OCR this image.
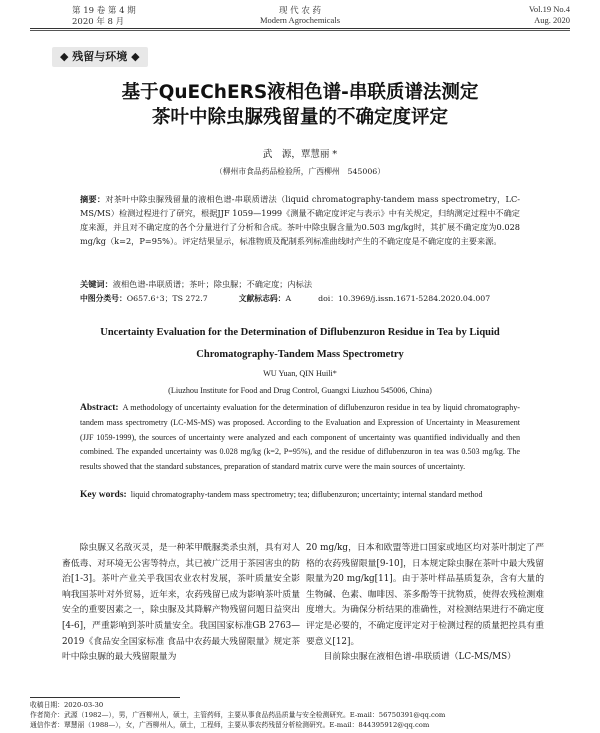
第 19 卷 第 4 期
2020 年 8 月
现 代 农 药
Modern Agrochemicals
Vol.19 No.4
Aug. 2020
◆ 残留与环境 ◆
基于QuEChERS液相色谱-串联质谱法测定
茶叶中除虫脲残留量的不确定度评定
武　源，覃慧丽 *
（柳州市食品药品检验所，广西柳州　545006）
摘要：对茶叶中除虫脲残留量的液相色谱-串联质谱法（liquid chromatography-tandem mass spectrometry，LC-MS/MS）检测过程进行了研究，根据JJF 1059—1999《测量不确定度评定与表示》中有关规定，归纳测定过程中不确定度来源，并且对不确定度的各个分量进行了分析和合成。茶叶中除虫脲含量为0.503 mg/kg时，其扩展不确定度为0.028 mg/kg（k=2，P=95%）。评定结果显示，标准物质及配制系列标准曲线时产生的不确定度是不确定度的主要来源。
关键词：液相色谱-串联质谱；茶叶；除虫脲；不确定度；内标法
中图分类号：O657.6⁺3；TS 272.7	文献标志码：A	doi：10.3969/j.issn.1671-5284.2020.04.007
Uncertainty Evaluation for the Determination of Diflubenzuron Residue in Tea by Liquid
Chromatography-Tandem Mass Spectrometry
WU Yuan, QIN Huili*
(Liuzhou Institute for Food and Drug Control, Guangxi Liuzhou 545006, China)
Abstract: A methodology of uncertainty evaluation for the determination of diflubenzuron residue in tea by liquid chromatography-tandem mass spectrometry (LC-MS-MS) was proposed. According to the Evaluation and Expression of Uncertainty in Measurement (JJF 1059-1999), the sources of uncertainty were analyzed and each component of uncertainty was quantified individually and then combined. The expanded uncertainty was 0.028 mg/kg (k=2, P=95%), and the residue of diflubenzuron in tea was 0.503 mg/kg. The results showed that the standard substances, preparation of standard matrix curve were the main sources of uncertainty.
Key words: liquid chromatography-tandem mass spectrometry; tea; diflubenzuron; uncertainty; internal standard method
除虫脲又名敌灭灵，是一种苯甲酰脲类杀虫剂，具有对人畜低毒、对环境无公害等特点，其已被广泛用于茶园害虫的防治[1-3]。茶叶产业关乎我国农业农村发展，茶叶质量安全影响我国茶叶对外贸易，近年来，农药残留已成为影响茶叶质量安全的重要因素之一，除虫脲及其降解产物残留问题日益突出[4-6]，严重影响到茶叶质量安全。我国国家标准GB 2763—2019《食品安全国家标准 食品中农药最大残留限量》规定茶叶中除虫脲的最大残留限量为
20 mg/kg，日本和欧盟等进口国家或地区均对茶叶制定了严格的农药残留限量[9-10]，日本规定除虫脲在茶叶中最大残留限量为20 mg/kg[11]。由于茶叶样品基质复杂，含有大量的生物碱、色素、咖啡因、茶多酚等干扰物质，使得农残检测难度增大。为确保分析结果的准确性，对检测结果进行不确定度评定是必要的，不确定度评定对于检测过程的质量把控具有重要意义[12]。
目前除虫脲在液相色谱-串联质谱（LC-MS/MS）
收稿日期：2020-03-30
作者简介：武源（1982—），男，广西柳州人，硕士，主管药师，主要从事食品药品质量与安全检测研究。E-mail：56750391@qq.com
通信作者：覃慧丽（1988—），女，广西柳州人，硕士，工程师，主要从事农药残留分析检测研究。E-mail：844395912@qq.com
